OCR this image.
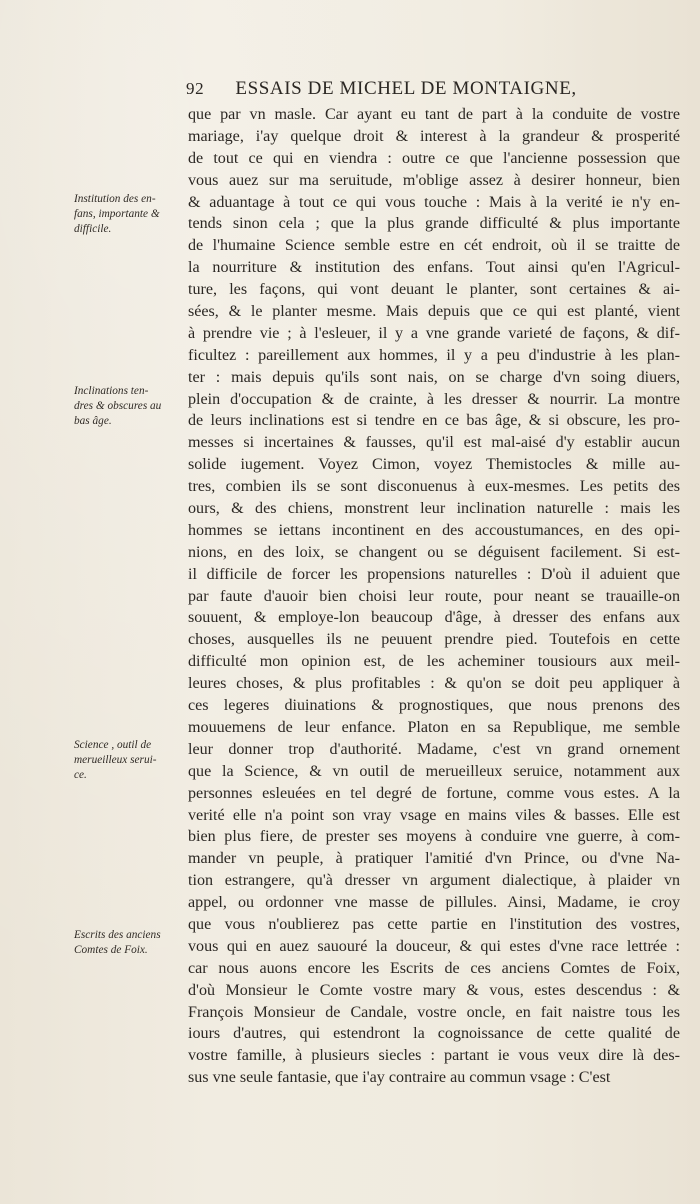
92 ESSAIS DE MICHEL DE MONTAIGNE,
que par vn masle. Car ayant eu tant de part à la conduite de vostre
mariage, i'ay quelque droit & interest à la grandeur & prosperité
de tout ce qui en viendra : outre ce que l'ancienne possession que
vous auez sur ma seruitude, m'oblige assez à desirer honneur, bien
& aduantage à tout ce qui vous touche : Mais à la verité ie n'y en-
tends sinon cela ; que la plus grande difficulté & plus importante
de l'humaine Science semble estre en cét endroit, où il se traitte de
la nourriture & institution des enfans. Tout ainsi qu'en l'Agricul-
ture, les façons, qui vont deuant le planter, sont certaines & ai-
sées, & le planter mesme. Mais depuis que ce qui est planté, vient
à prendre vie ; à l'esleuer, il y a vne grande varieté de façons, & dif-
ficultez : pareillement aux hommes, il y a peu d'industrie à les plan-
ter : mais depuis qu'ils sont nais, on se charge d'vn soing diuers,
plein d'occupation & de crainte, à les dresser & nourrir. La montre
de leurs inclinations est si tendre en ce bas âge, & si obscure, les pro-
messes si incertaines & fausses, qu'il est mal-aisé d'y establir aucun
solide iugement. Voyez Cimon, voyez Themistocles & mille au-
tres, combien ils se sont disconuenus à eux-mesmes. Les petits des
ours, & des chiens, monstrent leur inclination naturelle : mais les
hommes se iettans incontinent en des accoustumances, en des opi-
nions, en des loix, se changent ou se déguisent facilement. Si est-
il difficile de forcer les propensions naturelles : D'où il aduient que
par faute d'auoir bien choisi leur route, pour neant se trauaille-on
souuent, & employe-lon beaucoup d'âge, à dresser des enfans aux
choses, ausquelles ils ne peuuent prendre pied. Toutefois en cette
difficulté mon opinion est, de les acheminer tousiours aux meil-
leures choses, & plus profitables : & qu'on se doit peu appliquer à
ces legeres diuinations & prognostiques, que nous prenons des
mouuemens de leur enfance. Platon en sa Republique, me semble
leur donner trop d'authorité. Madame, c'est vn grand ornement
que la Science, & vn outil de merueilleux seruice, notamment aux
personnes esleuées en tel degré de fortune, comme vous estes. A la
verité elle n'a point son vray vsage en mains viles & basses. Elle est
bien plus fiere, de prester ses moyens à conduire vne guerre, à com-
mander vn peuple, à pratiquer l'amitié d'vn Prince, ou d'vne Na-
tion estrangere, qu'à dresser vn argument dialectique, à plaider vn
appel, ou ordonner vne masse de pillules. Ainsi, Madame, ie croy
que vous n'oublierez pas cette partie en l'institution des vostres,
vous qui en auez sauouré la douceur, & qui estes d'vne race lettrée :
car nous auons encore les Escrits de ces anciens Comtes de Foix,
d'où Monsieur le Comte vostre mary & vous, estes descendus : &
François Monsieur de Candale, vostre oncle, en fait naistre tous les
iours d'autres, qui estendront la cognoissance de cette qualité de
vostre famille, à plusieurs siecles : partant ie vous veux dire là des-
sus vne seule fantasie, que i'ay contraire au commun vsage : C'est
Institution des en-
fans, importante &
difficile.
Inclinations ten-
dres & obscures au
bas âge.
Science , outil de
merueilleux serui-
ce.
Escrits des anciens
Comtes de Foix.
